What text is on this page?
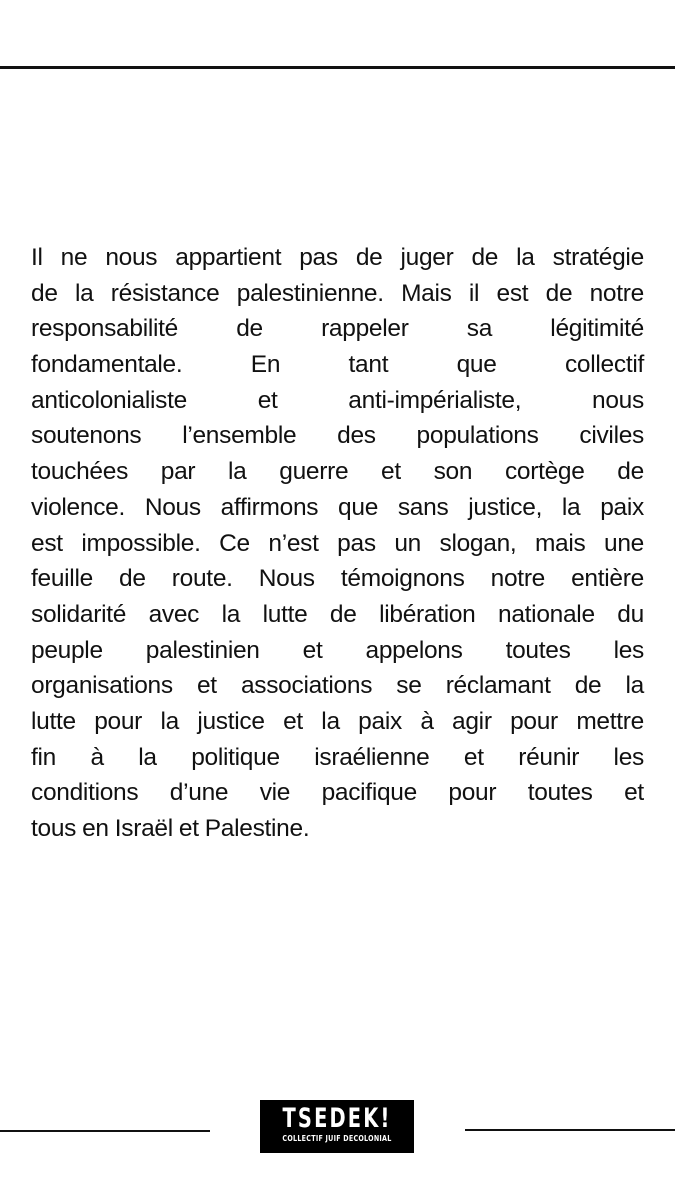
Il ne nous appartient pas de juger de la stratégie
de la résistance palestinienne. Mais il est de notre
responsabilité de rappeler sa légitimité
fondamentale.	En	tant	que	collectif
anticolonialiste	et	anti-impérialiste,	nous
soutenons l’ensemble des populations civiles
touchées par la guerre et son cortège de
violence. Nous affirmons que sans justice, la paix
est impossible. Ce n’est pas un slogan, mais une
feuille de route. Nous témoignons notre entière
solidarité avec la lutte de libération nationale du
peuple palestinien et appelons toutes les
organisations et associations se réclamant de la
lutte pour la justice et la paix à agir pour mettre
fin à la politique israélienne et réunir les
conditions d’une vie pacifique pour toutes et
tous en Israël et Palestine.
TSEDEK!
COLLECTIF JUIF DECOLONIAL
